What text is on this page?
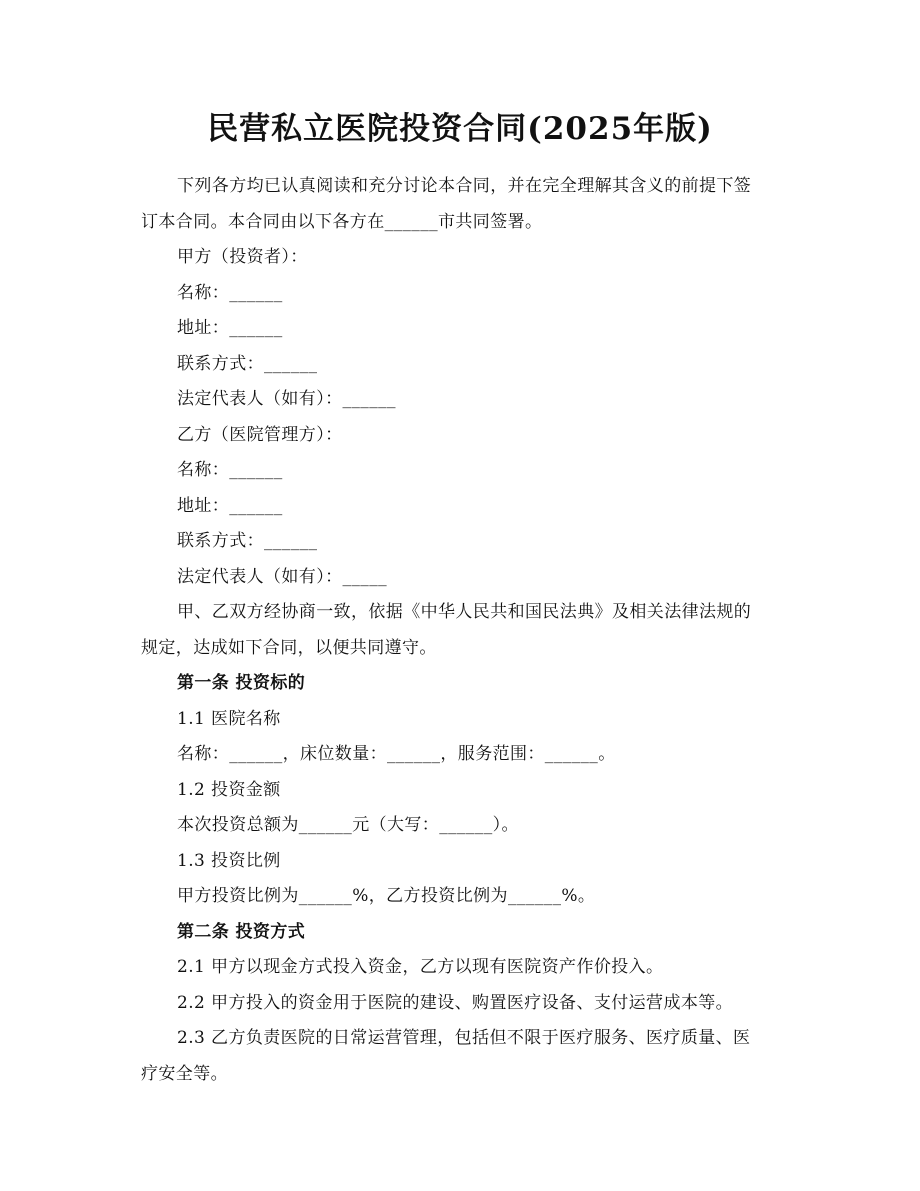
民营私立医院投资合同(2025年版)

下列各方均已认真阅读和充分讨论本合同，并在完全理解其含义的前提下签

订本合同。本合同由以下各方在______市共同签署。

甲方（投资者）：

名称：______

地址：______

联系方式：______

法定代表人（如有）：______

乙方（医院管理方）：

名称：______

地址：______

联系方式：______

法定代表人（如有）：_____

甲、乙双方经协商一致，依据《中华人民共和国民法典》及相关法律法规的

规定，达成如下合同，以便共同遵守。

第一条 投资标的

1.1 医院名称

名称：______，床位数量：______，服务范围：______。

1.2 投资金额

本次投资总额为______元（大写：______）。

1.3 投资比例

甲方投资比例为______%，乙方投资比例为______%。

第二条 投资方式

2.1 甲方以现金方式投入资金，乙方以现有医院资产作价投入。

2.2 甲方投入的资金用于医院的建设、购置医疗设备、支付运营成本等。

2.3 乙方负责医院的日常运营管理，包括但不限于医疗服务、医疗质量、医

疗安全等。
